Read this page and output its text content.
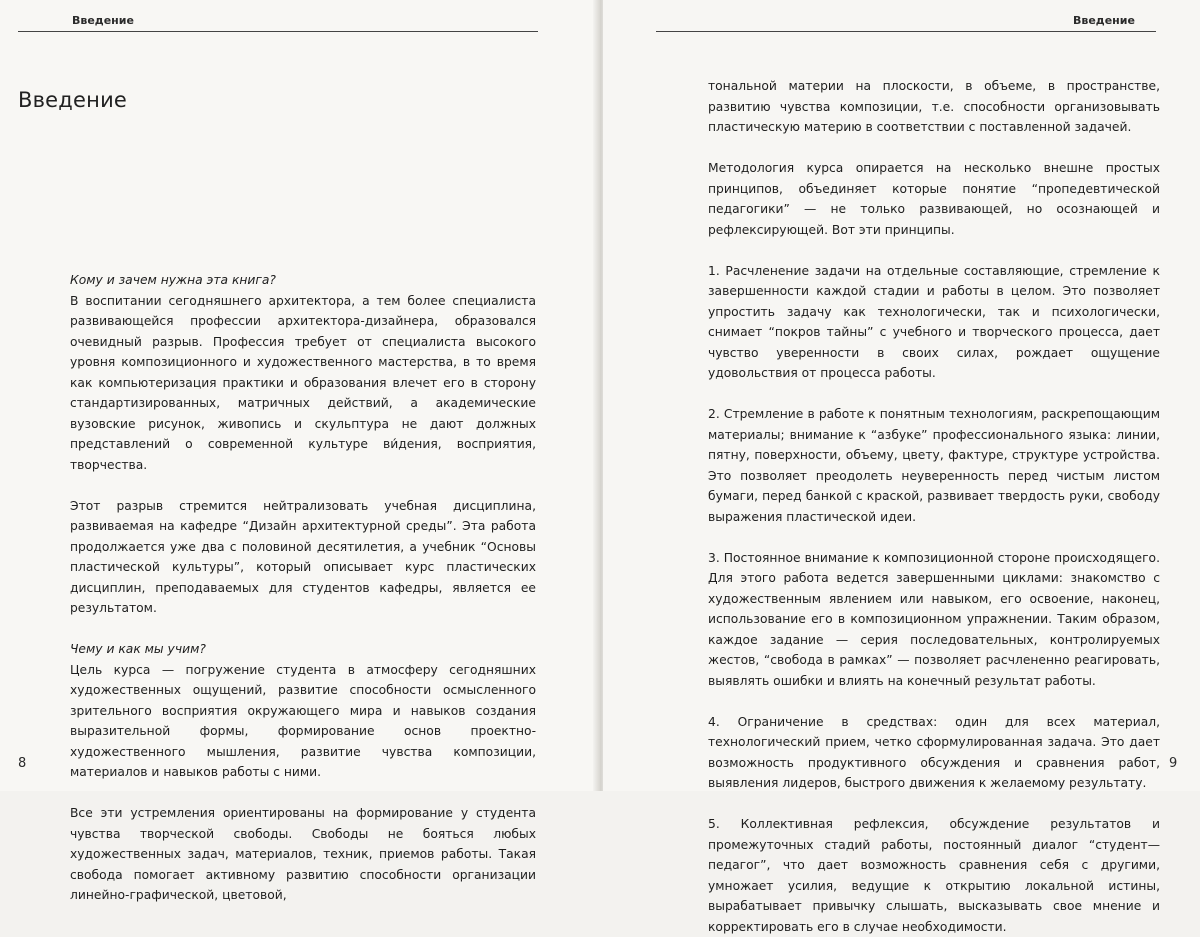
Введение
Введение

Кому и зачем нужна эта книга?
В воспитании сегодняшнего архитектора, а тем более специалиста развивающейся профессии архитектора-дизайнера, образовался очевидный разрыв. Профессия требует от специалиста высокого уровня композиционного и художественного мастерства, в то время как компьютеризация практики и образования влечет его в сторону стандартизированных, матричных действий, а академические вузовские рисунок, живопись и скульптура не дают должных представлений о современной культуре ви́дения, восприятия, творчества.

Этот разрыв стремится нейтрализовать учебная дисциплина, развиваемая на кафедре “Дизайн архитектурной среды”. Эта работа продолжается уже два с половиной десятилетия, а учебник “Основы пластической культуры”, который описывает курс пластических дисциплин, преподаваемых для студентов кафедры, является ее результатом.

Чему и как мы учим?
Цель курса — погружение студента в атмосферу сегодняшних художественных ощущений, развитие способности осмысленного зрительного восприятия окружающего мира и навыков создания выразительной формы, формирование основ проектно-художественного мышления, развитие чувства композиции, материалов и навыков работы с ними.

Все эти устремления ориентированы на формирование у студента чувства творческой свободы. Свободы не бояться любых художественных задач, материалов, техник, приемов работы. Такая свобода помогает активному развитию способности организации линейно-графической, цветовой,

8
Введение

тональной материи на плоскости, в объеме, в пространстве, развитию чувства композиции, т.е. способности организовывать пластическую материю в соответствии с поставленной задачей.

Методология курса опирается на несколько внешне простых принципов, объединяет которые понятие “пропедевтической педагогики” — не только развивающей, но осознающей и рефлексирующей. Вот эти принципы.

1. Расчленение задачи на отдельные составляющие, стремление к завершенности каждой стадии и работы в целом. Это позволяет упростить задачу как технологически, так и психологически, снимает “покров тайны” с учебного и творческого процесса, дает чувство уверенности в своих силах, рождает ощущение удовольствия от процесса работы.

2. Стремление в работе к понятным технологиям, раскрепощающим материалы; внимание к “азбуке” профессионального языка: линии, пятну, поверхности, объему, цвету, фактуре, структуре устройства. Это позволяет преодолеть неуверенность перед чистым листом бумаги, перед банкой с краской, развивает твердость руки, свободу выражения пластической идеи.

3. Постоянное внимание к композиционной стороне происходящего. Для этого работа ведется завершенными циклами: знакомство с художественным явлением или навыком, его освоение, наконец, использование его в композиционном упражнении. Таким образом, каждое задание — серия последовательных, контролируемых жестов, “свобода в рамках” — позволяет расчлененно реагировать, выявлять ошибки и влиять на конечный результат работы.

4. Ограничение в средствах: один для всех материал, технологический прием, четко сформулированная задача. Это дает возможность продуктивного обсуждения и сравнения работ, выявления лидеров, быстрого движения к желаемому результату.

5. Коллективная рефлексия, обсуждение результатов и промежуточных стадий работы, постоянный диалог “студент—педагог”, что дает возможность сравнения себя с другими, умножает усилия, ведущие к открытию локальной истины, вырабатывает привычку слышать, высказывать свое мнение и корректировать его в случае необходимости.

9
